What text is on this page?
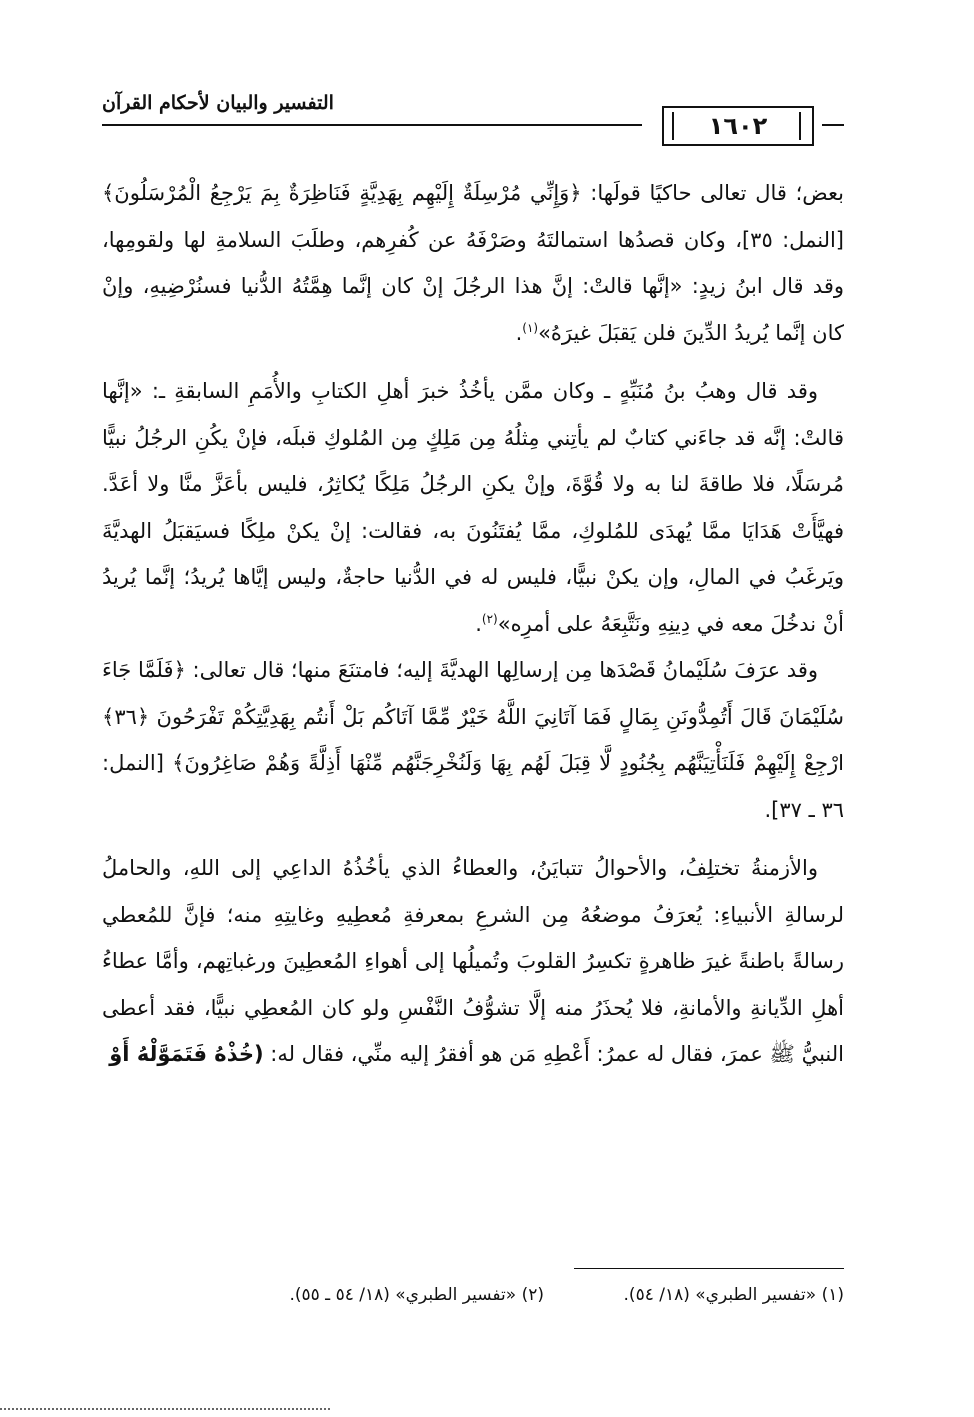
التفسير والبيان لأحكام القرآن
١٦٠٢

بعض؛ قال تعالى حاكيًا قولَها: ﴿وَإِنِّي مُرْسِلَةٌ إِلَيْهِم بِهَدِيَّةٍ فَنَاظِرَةٌ بِمَ يَرْجِعُ الْمُرْسَلُونَ﴾ [النمل: ٣٥]، وكان قصدُها استمالتَهُ وصَرْفَهُ عن كُفرِهم، وطلَبَ السلامةِ لها ولقومِها، وقد قال ابنُ زيدٍ: «إنَّها قالتْ: إنَّ هذا الرجُلَ إنْ كان إنَّما هِمَّتُهُ الدُّنيا فسنُرْضِيهِ، وإنْ كان إنَّما يُريدُ الدِّينَ فلن يَقبَلَ غيرَهُ»$^{(١)}$.

وقد قال وهبُ بنُ مُنَبِّهٍ ـ وكان ممَّن يأخُذُ خبرَ أهلِ الكتابِ والأُمَمِ السابقةِ ـ: «إنَّها قالتْ: إنَّه قد جاءَني كتابٌ لم يأتِني مِثلُهُ مِن مَلِكٍ مِن المُلوكِ قبلَه، فإنْ يكُنِ الرجُلُ نبيًّا مُرسَلًا، فلا طاقةَ لنا به ولا قُوَّةَ، وإنْ يكنِ الرجُلُ مَلِكًا يُكاثِرُ، فليس بأعَزَّ منَّا ولا أعَدَّ. فهيَّأَتْ هَدَايَا ممَّا يُهدَى للمُلوكِ، ممَّا يُفتَنُونَ به، فقالت: إنْ يكنْ ملِكًا فسيَقبَلُ الهديَّةَ ويَرغَبُ في المالِ، وإن يكنْ نبيًّا، فليس له في الدُّنيا حاجةٌ، وليس إيَّاها يُريدُ؛ إنَّما يُريدُ أنْ ندخُلَ معه في دِينِهِ ونَتَّبِعَهُ على أمرِه»$^{(٢)}$.

وقد عرَفَ سُلَيْمانُ قَصْدَها مِن إرسالِها الهديَّةَ إليه؛ فامتنَعَ منها؛ قال تعالى: ﴿فَلَمَّا جَاءَ سُلَيْمَانَ قَالَ أَتُمِدُّونَنِ بِمَالٍ فَمَا آتَانِيَ اللَّهُ خَيْرٌ مِّمَّا آتَاكُم بَلْ أَنتُم بِهَدِيَّتِكُمْ تَفْرَحُونَ ﴿٣٦﴾ ارْجِعْ إِلَيْهِمْ فَلَنَأْتِيَنَّهُم بِجُنُودٍ لَّا قِبَلَ لَهُم بِهَا وَلَنُخْرِجَنَّهُم مِّنْهَا أَذِلَّةً وَهُمْ صَاغِرُونَ﴾ [النمل: ٣٦ ـ ٣٧].

والأزمنةُ تختلِفُ، والأحوالُ تتبايَنُ، والعطاءُ الذي يأخُذُهُ الداعِي إلى اللهِ، والحاملُ لرسالةِ الأنبياءِ: يُعرَفُ موضعُهُ مِن الشرعِ بمعرفةِ مُعطِيهِ وغايتِهِ منه؛ فإنَّ للمُعطي رسالةً باطنةً غيرَ ظاهرةٍ تكسِرُ القلوبَ وتُميلُها إلى أهواءِ المُعطِينَ ورغباتِهم، وأمَّا عطاءُ أهلِ الدِّيانةِ والأمانةِ، فلا يُحذَرُ منه إلَّا تشوُّفُ النَّفْسِ ولو كان المُعطِي نبيًّا، فقد أعطى النبيُّ ﷺ عمرَ، فقال له عمرُ: أَعْطِهِ مَن هو أفقرُ إليه منِّي، فقال له: (خُذْهُ فَتَمَوَّلْهُ أَوْ

(١) «تفسير الطبري» (١٨/ ٥٤).
(٢) «تفسير الطبري» (١٨/ ٥٤ ـ ٥٥).
